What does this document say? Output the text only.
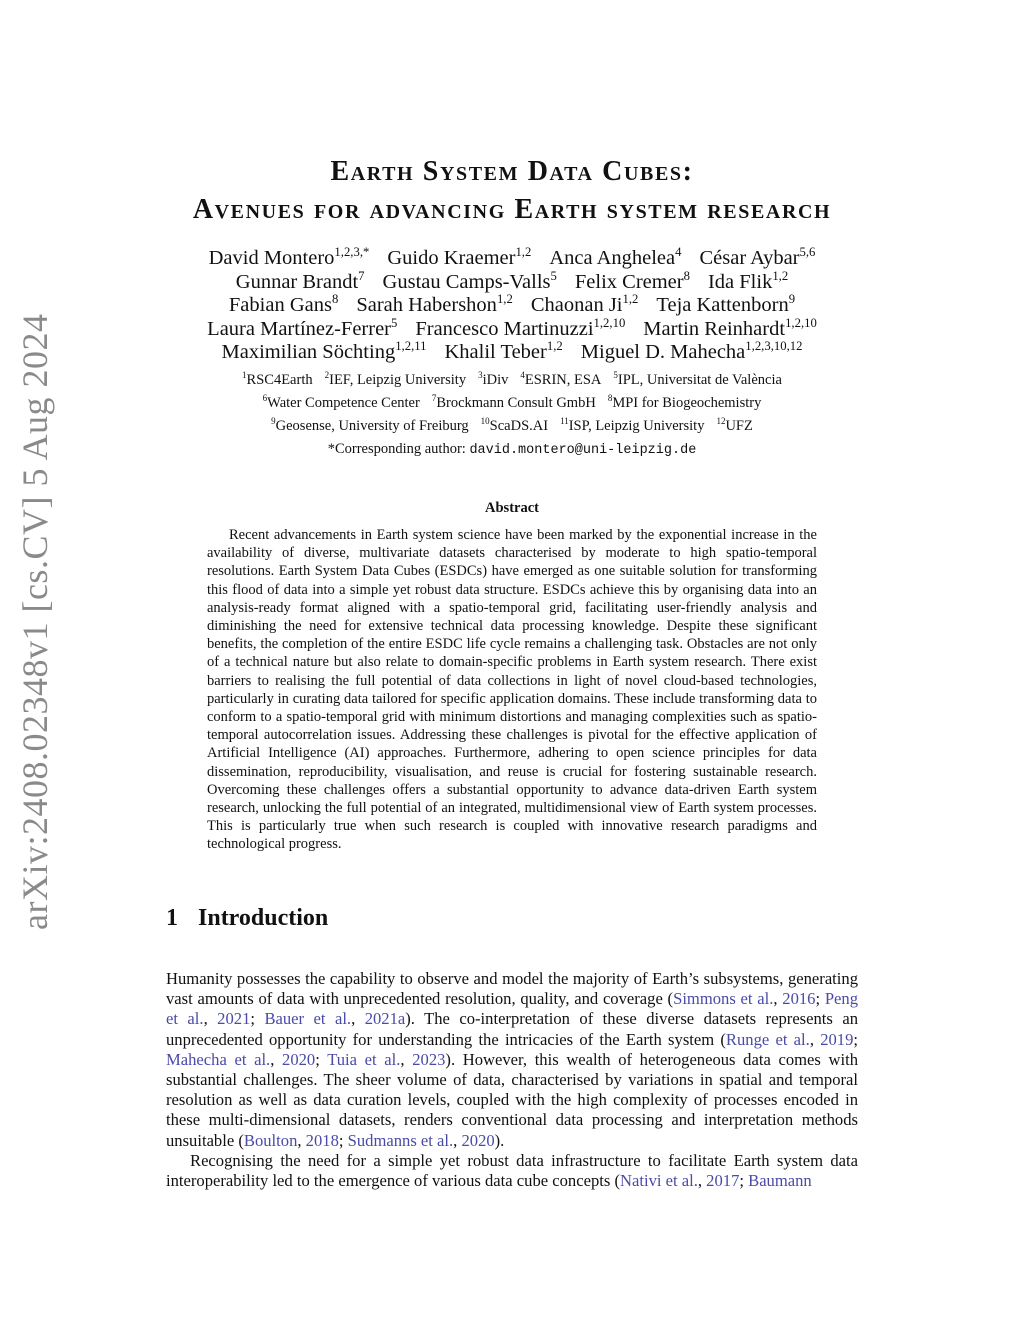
arXiv:2408.02348v1 [cs.CV] 5 Aug 2024
Earth System Data Cubes:
Avenues for advancing Earth system research
David Montero$^{1,2,3,*}$ Guido Kraemer$^{1,2}$ Anca Anghelea$^4$ César Aybar$^{5,6}$
Gunnar Brandt$^7$ Gustau Camps-Valls$^5$ Felix Cremer$^8$ Ida Flik$^{1,2}$
Fabian Gans$^8$ Sarah Habershon$^{1,2}$ Chaonan Ji$^{1,2}$ Teja Kattenborn$^9$
Laura Martínez-Ferrer$^5$ Francesco Martinuzzi$^{1,2,10}$ Martin Reinhardt$^{1,2,10}$
Maximilian Söchting$^{1,2,11}$ Khalil Teber$^{1,2}$ Miguel D. Mahecha$^{1,2,3,10,12}$
$^1$RSC4Earth $^2$IEF, Leipzig University $^3$iDiv $^4$ESRIN, ESA $^5$IPL, Universitat de València
$^6$Water Competence Center $^7$Brockmann Consult GmbH $^8$MPI for Biogeochemistry
$^9$Geosense, University of Freiburg $^{10}$ScaDS.AI $^{11}$ISP, Leipzig University $^{12}$UFZ
*Corresponding author: david.montero@uni-leipzig.de
Abstract

Recent advancements in Earth system science have been marked by the exponential increase in the availability of diverse, multivariate datasets characterised by moderate to high spatio-temporal resolutions. Earth System Data Cubes (ESDCs) have emerged as one suitable solution for transforming this flood of data into a simple yet robust data structure. ESDCs achieve this by organising data into an analysis-ready format aligned with a spatio-temporal grid, facilitating user-friendly analysis and diminishing the need for extensive technical data processing knowledge. Despite these significant benefits, the completion of the entire ESDC life cycle remains a challenging task. Obstacles are not only of a technical nature but also relate to domain-specific problems in Earth system research. There exist barriers to realising the full potential of data collections in light of novel cloud-based technologies, particularly in curating data tailored for specific application domains. These include transforming data to conform to a spatio-temporal grid with minimum distortions and managing complexities such as spatio-temporal autocorrelation issues. Addressing these challenges is pivotal for the effective application of Artificial Intelligence (AI) approaches. Furthermore, adhering to open science principles for data dissemination, reproducibility, visualisation, and reuse is crucial for fostering sustainable research. Overcoming these challenges offers a substantial opportunity to advance data-driven Earth system research, unlocking the full potential of an integrated, multidimensional view of Earth system processes. This is particularly true when such research is coupled with innovative research paradigms and technological progress.

1 Introduction

Humanity possesses the capability to observe and model the majority of Earth’s subsystems, generating vast amounts of data with unprecedented resolution, quality, and coverage (Simmons et al., 2016; Peng et al., 2021; Bauer et al., 2021a). The co-interpretation of these diverse datasets represents an unprecedented opportunity for understanding the intricacies of the Earth system (Runge et al., 2019; Mahecha et al., 2020; Tuia et al., 2023). However, this wealth of heterogeneous data comes with substantial challenges. The sheer volume of data, characterised by variations in spatial and temporal resolution as well as data curation levels, coupled with the high complexity of processes encoded in these multi-dimensional datasets, renders conventional data processing and interpretation methods unsuitable (Boulton, 2018; Sudmanns et al., 2020).

Recognising the need for a simple yet robust data infrastructure to facilitate Earth system data interoperability led to the emergence of various data cube concepts (Nativi et al., 2017; Baumann
